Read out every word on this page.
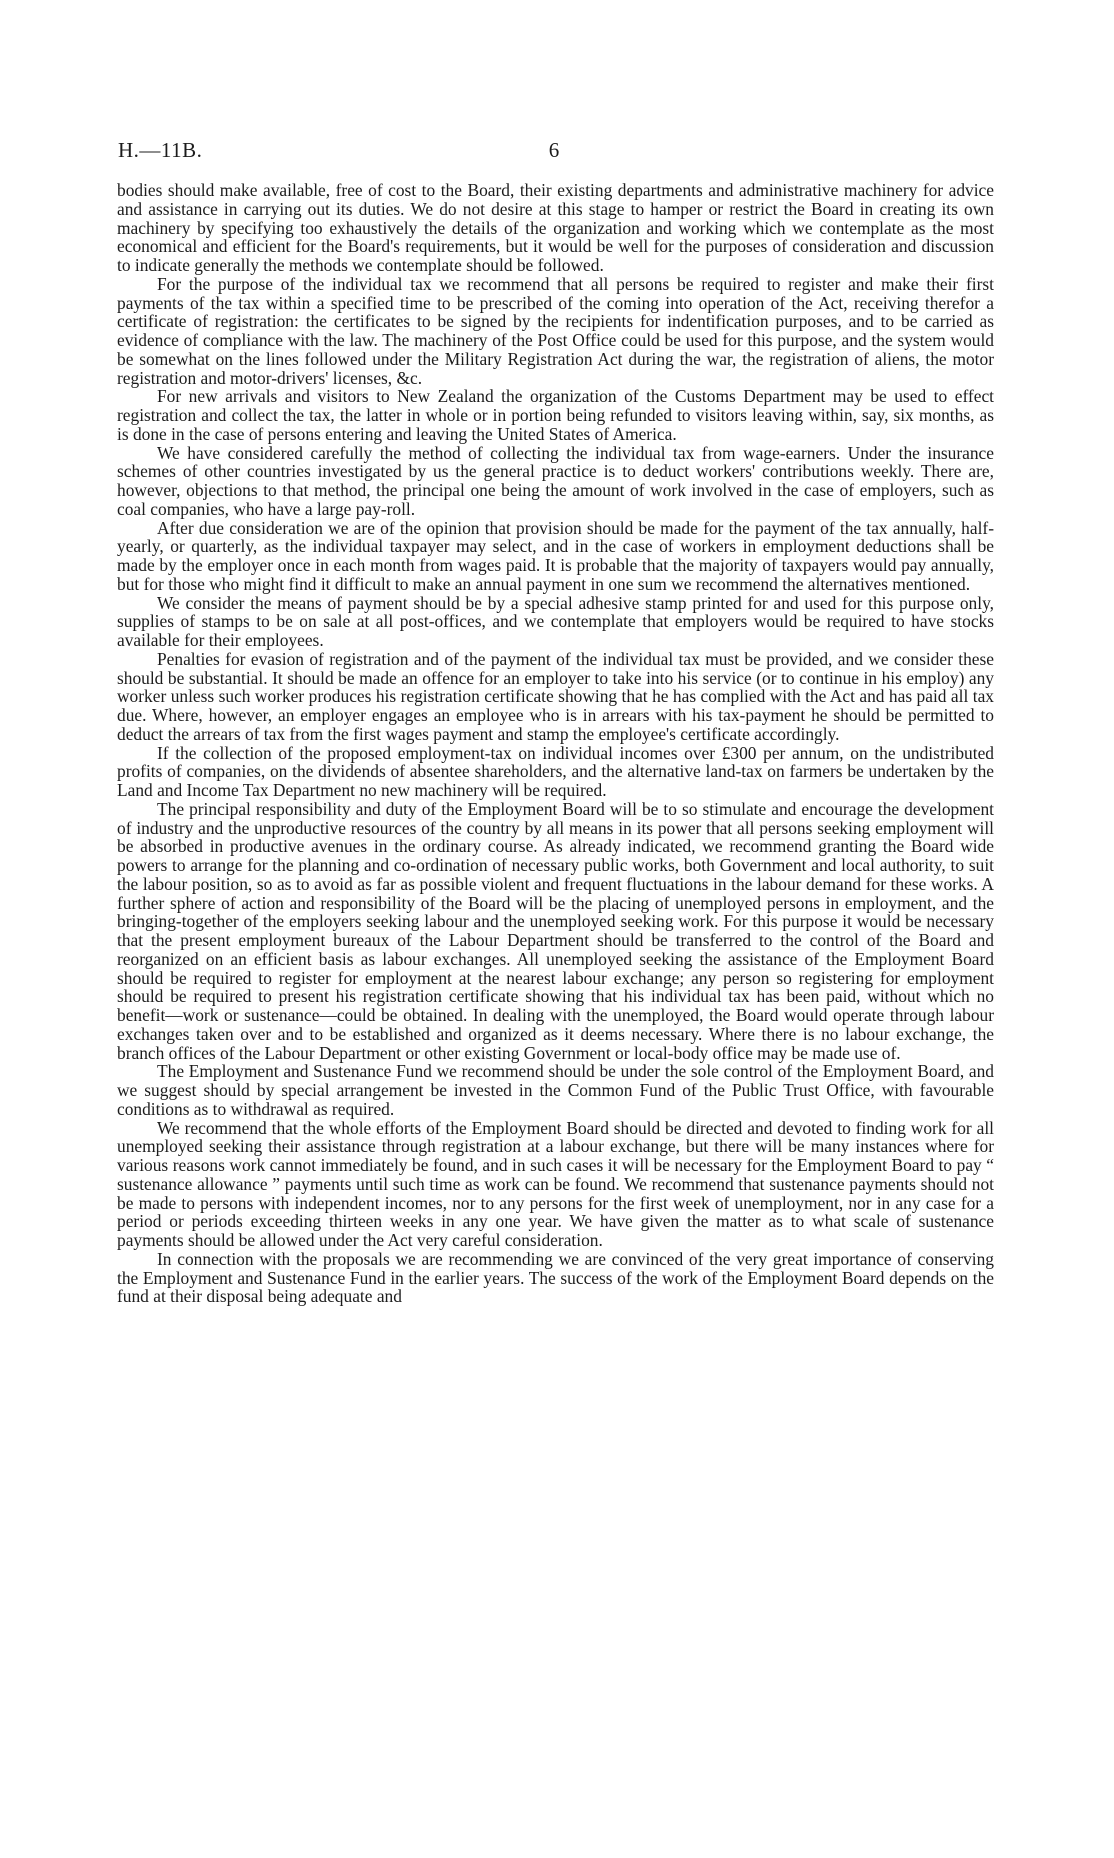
H.—11B.	6

bodies should make available, free of cost to the Board, their existing departments and administrative machinery for advice and assistance in carrying out its duties. We do not desire at this stage to hamper or restrict the Board in creating its own machinery by specifying too exhaustively the details of the organization and working which we contemplate as the most economical and efficient for the Board's requirements, but it would be well for the purposes of consideration and discussion to indicate generally the methods we contemplate should be followed.

For the purpose of the individual tax we recommend that all persons be required to register and make their first payments of the tax within a specified time to be prescribed of the coming into operation of the Act, receiving therefor a certificate of registration: the certificates to be signed by the recipients for indentification purposes, and to be carried as evidence of compliance with the law. The machinery of the Post Office could be used for this purpose, and the system would be somewhat on the lines followed under the Military Registration Act during the war, the registration of aliens, the motor registration and motor-drivers' licenses, &c.

For new arrivals and visitors to New Zealand the organization of the Customs Department may be used to effect registration and collect the tax, the latter in whole or in portion being refunded to visitors leaving within, say, six months, as is done in the case of persons entering and leaving the United States of America.

We have considered carefully the method of collecting the individual tax from wage-earners. Under the insurance schemes of other countries investigated by us the general practice is to deduct workers' contributions weekly. There are, however, objections to that method, the principal one being the amount of work involved in the case of employers, such as coal companies, who have a large pay-roll.

After due consideration we are of the opinion that provision should be made for the payment of the tax annually, half-yearly, or quarterly, as the individual taxpayer may select, and in the case of workers in employment deductions shall be made by the employer once in each month from wages paid. It is probable that the majority of taxpayers would pay annually, but for those who might find it difficult to make an annual payment in one sum we recommend the alternatives mentioned.

We consider the means of payment should be by a special adhesive stamp printed for and used for this purpose only, supplies of stamps to be on sale at all post-offices, and we contemplate that employers would be required to have stocks available for their employees.

Penalties for evasion of registration and of the payment of the individual tax must be provided, and we consider these should be substantial. It should be made an offence for an employer to take into his service (or to continue in his employ) any worker unless such worker produces his registration certificate showing that he has complied with the Act and has paid all tax due. Where, however, an employer engages an employee who is in arrears with his tax-payment he should be permitted to deduct the arrears of tax from the first wages payment and stamp the employee's certificate accordingly.

If the collection of the proposed employment-tax on individual incomes over £300 per annum, on the undistributed profits of companies, on the dividends of absentee shareholders, and the alternative land-tax on farmers be undertaken by the Land and Income Tax Department no new machinery will be required.

The principal responsibility and duty of the Employment Board will be to so stimulate and encourage the development of industry and the unproductive resources of the country by all means in its power that all persons seeking employment will be absorbed in productive avenues in the ordinary course. As already indicated, we recommend granting the Board wide powers to arrange for the planning and co-ordination of necessary public works, both Government and local authority, to suit the labour position, so as to avoid as far as possible violent and frequent fluctuations in the labour demand for these works. A further sphere of action and responsibility of the Board will be the placing of unemployed persons in employment, and the bringing-together of the employers seeking labour and the unemployed seeking work. For this purpose it would be necessary that the present employment bureaux of the Labour Department should be transferred to the control of the Board and reorganized on an efficient basis as labour exchanges. All unemployed seeking the assistance of the Employment Board should be required to register for employment at the nearest labour exchange; any person so registering for employment should be required to present his registration certificate showing that his individual tax has been paid, without which no benefit—work or sustenance—could be obtained. In dealing with the unemployed, the Board would operate through labour exchanges taken over and to be established and organized as it deems necessary. Where there is no labour exchange, the branch offices of the Labour Department or other existing Government or local-body office may be made use of.

The Employment and Sustenance Fund we recommend should be under the sole control of the Employment Board, and we suggest should by special arrangement be invested in the Common Fund of the Public Trust Office, with favourable conditions as to withdrawal as required.

We recommend that the whole efforts of the Employment Board should be directed and devoted to finding work for all unemployed seeking their assistance through registration at a labour exchange, but there will be many instances where for various reasons work cannot immediately be found, and in such cases it will be necessary for the Employment Board to pay “ sustenance allowance ” payments until such time as work can be found. We recommend that sustenance payments should not be made to persons with independent incomes, nor to any persons for the first week of unemployment, nor in any case for a period or periods exceeding thirteen weeks in any one year. We have given the matter as to what scale of sustenance payments should be allowed under the Act very careful consideration.

In connection with the proposals we are recommending we are convinced of the very great importance of conserving the Employment and Sustenance Fund in the earlier years. The success of the work of the Employment Board depends on the fund at their disposal being adequate and
